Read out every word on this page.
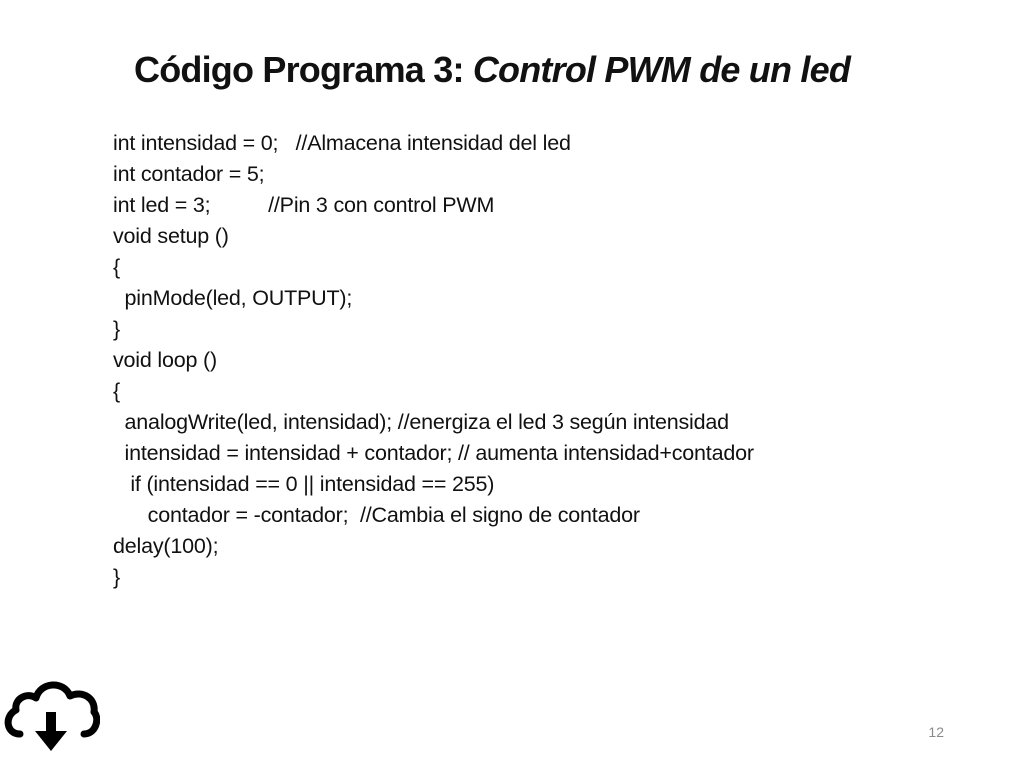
Código Programa 3: Control PWM de un led
int intensidad = 0;   //Almacena intensidad del led
int contador = 5;
int led = 3;          //Pin 3 con control PWM
void setup ()
{
pinMode(led, OUTPUT);
}
void loop ()
{
analogWrite(led, intensidad); //energiza el led 3 según intensidad
intensidad = intensidad + contador; // aumenta intensidad+contador
if (intensidad == 0 || intensidad == 255)
contador = -contador;  //Cambia el signo de contador
delay(100);
}
12
